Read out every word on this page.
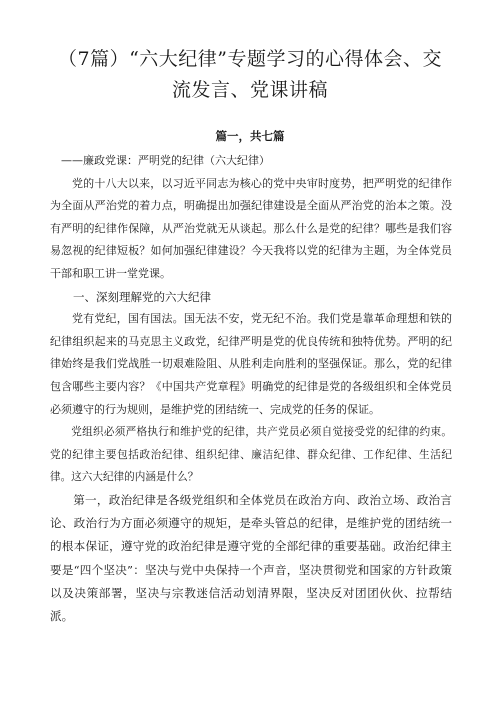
（7篇）“六大纪律”专题学习的心得体会、交流发言、党课讲稿
篇一，共七篇

——廉政党课：严明党的纪律（六大纪律）

党的十八大以来，以习近平同志为核心的党中央审时度势，把严明党的纪律作为全面从严治党的着力点，明确提出加强纪律建设是全面从严治党的治本之策。没有严明的纪律作保障，从严治党就无从谈起。那么什么是党的纪律？哪些是我们容易忽视的纪律短板？如何加强纪律建设？今天我将以党的纪律为主题，为全体党员干部和职工讲一堂党课。

一、深刻理解党的六大纪律

党有党纪，国有国法。国无法不安，党无纪不治。我们党是靠革命理想和铁的纪律组织起来的马克思主义政党，纪律严明是党的优良传统和独特优势。严明的纪律始终是我们党战胜一切艰难险阻、从胜利走向胜利的坚强保证。那么，党的纪律包含哪些主要内容？《中国共产党章程》明确党的纪律是党的各级组织和全体党员必须遵守的行为规则，是维护党的团结统一、完成党的任务的保证。

党组织必须严格执行和维护党的纪律，共产党员必须自觉接受党的纪律的约束。党的纪律主要包括政治纪律、组织纪律、廉洁纪律、群众纪律、工作纪律、生活纪律。这六大纪律的内涵是什么？

第一，政治纪律是各级党组织和全体党员在政治方向、政治立场、政治言论、政治行为方面必须遵守的规矩，是牵头管总的纪律，是维护党的团结统一的根本保证，遵守党的政治纪律是遵守党的全部纪律的重要基础。政治纪律主要是“四个坚决”：坚决与党中央保持一个声音，坚决贯彻党和国家的方针政策以及决策部署，坚决与宗教迷信活动划清界限，坚决反对团团伙伙、拉帮结派。
